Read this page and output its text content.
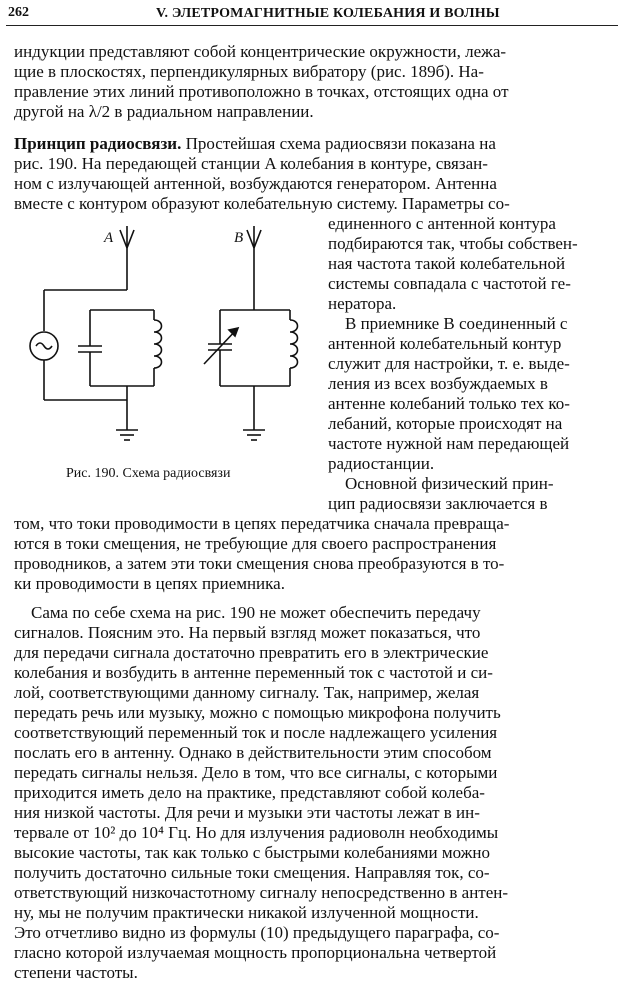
262	V. ЭЛЕТРОМАГНИТНЫЕ КОЛЕБАНИЯ И ВОЛНЫ
индукции представляют собой концентрические окружности, лежа-
щие в плоскостях, перпендикулярных вибратору (рис. 189б). На-
правление этих линий противоположно в точках, отстоящих одна от
другой на λ/2 в радиальном направлении.
Принцип радиосвязи. Простейшая схема радиосвязи показана на
рис. 190. На передающей станции A колебания в контуре, связан-
ном с излучающей антенной, возбуждаются генератором. Антенна
вместе с контуром образуют колебательную систему. Параметры со-
A	B
Рис. 190. Схема радиосвязи
единенного с антенной контура
подбираются так, чтобы собствен-
ная частота такой колебательной
системы совпадала с частотой ге-
нератора.
В приемнике B соединенный с
антенной колебательный контур
служит для настройки, т. е. выде-
ления из всех возбуждаемых в
антенне колебаний только тех ко-
лебаний, которые происходят на
частоте нужной нам передающей
радиостанции.
Основной физический прин-
цип радиосвязи заключается в
том, что токи проводимости в цепях передатчика сначала превраща-
ются в токи смещения, не требующие для своего распространения
проводников, а затем эти токи смещения снова преобразуются в то-
ки проводимости в цепях приемника.
Сама по себе схема на рис. 190 не может обеспечить передачу
сигналов. Поясним это. На первый взгляд может показаться, что
для передачи сигнала достаточно превратить его в электрические
колебания и возбудить в антенне переменный ток с частотой и си-
лой, соответствующими данному сигналу. Так, например, желая
передать речь или музыку, можно с помощью микрофона получить
соответствующий переменный ток и после надлежащего усиления
послать его в антенну. Однако в действительности этим способом
передать сигналы нельзя. Дело в том, что все сигналы, с которыми
приходится иметь дело на практике, представляют собой колеба-
ния низкой частоты. Для речи и музыки эти частоты лежат в ин-
тервале от 10² до 10⁴ Гц. Но для излучения радиоволн необходимы
высокие частоты, так как только с быстрыми колебаниями можно
получить достаточно сильные токи смещения. Направляя ток, со-
ответствующий низкочастотному сигналу непосредственно в антен-
ну, мы не получим практически никакой излученной мощности.
Это отчетливо видно из формулы (10) предыдущего параграфа, со-
гласно которой излучаемая мощность пропорциональна четвертой
степени частоты.
